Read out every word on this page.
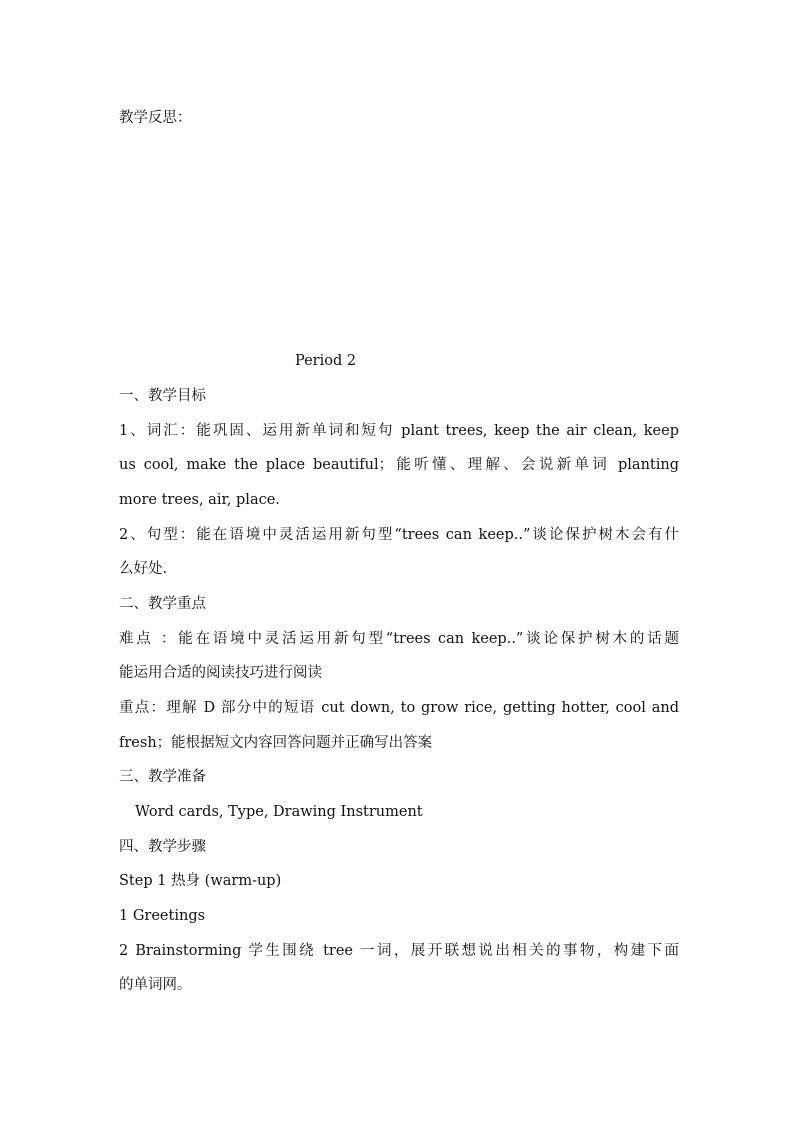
教学反思：
Period 2
一、教学目标
1、词汇：能巩固、运用新单词和短句 plant trees, keep the air clean, keep
us cool, make the place beautiful；能听懂、理解、会说新单词 planting
more trees, air, place.
2、句型：能在语境中灵活运用新句型“trees can keep..”谈论保护树木会有什
么好处.
二、教学重点
难点 ：能在语境中灵活运用新句型“trees can keep..”谈论保护树木的话题
能运用合适的阅读技巧进行阅读
重点：理解 D 部分中的短语 cut down, to grow rice, getting hotter, cool and
fresh；能根据短文内容回答问题并正确写出答案
三、教学准备
Word cards, Type, Drawing Instrument
四、教学步骤
Step 1 热身 (warm-up)
1 Greetings
2 Brainstorming 学生围绕 tree 一词，展开联想说出相关的事物，构建下面
的单词网。
